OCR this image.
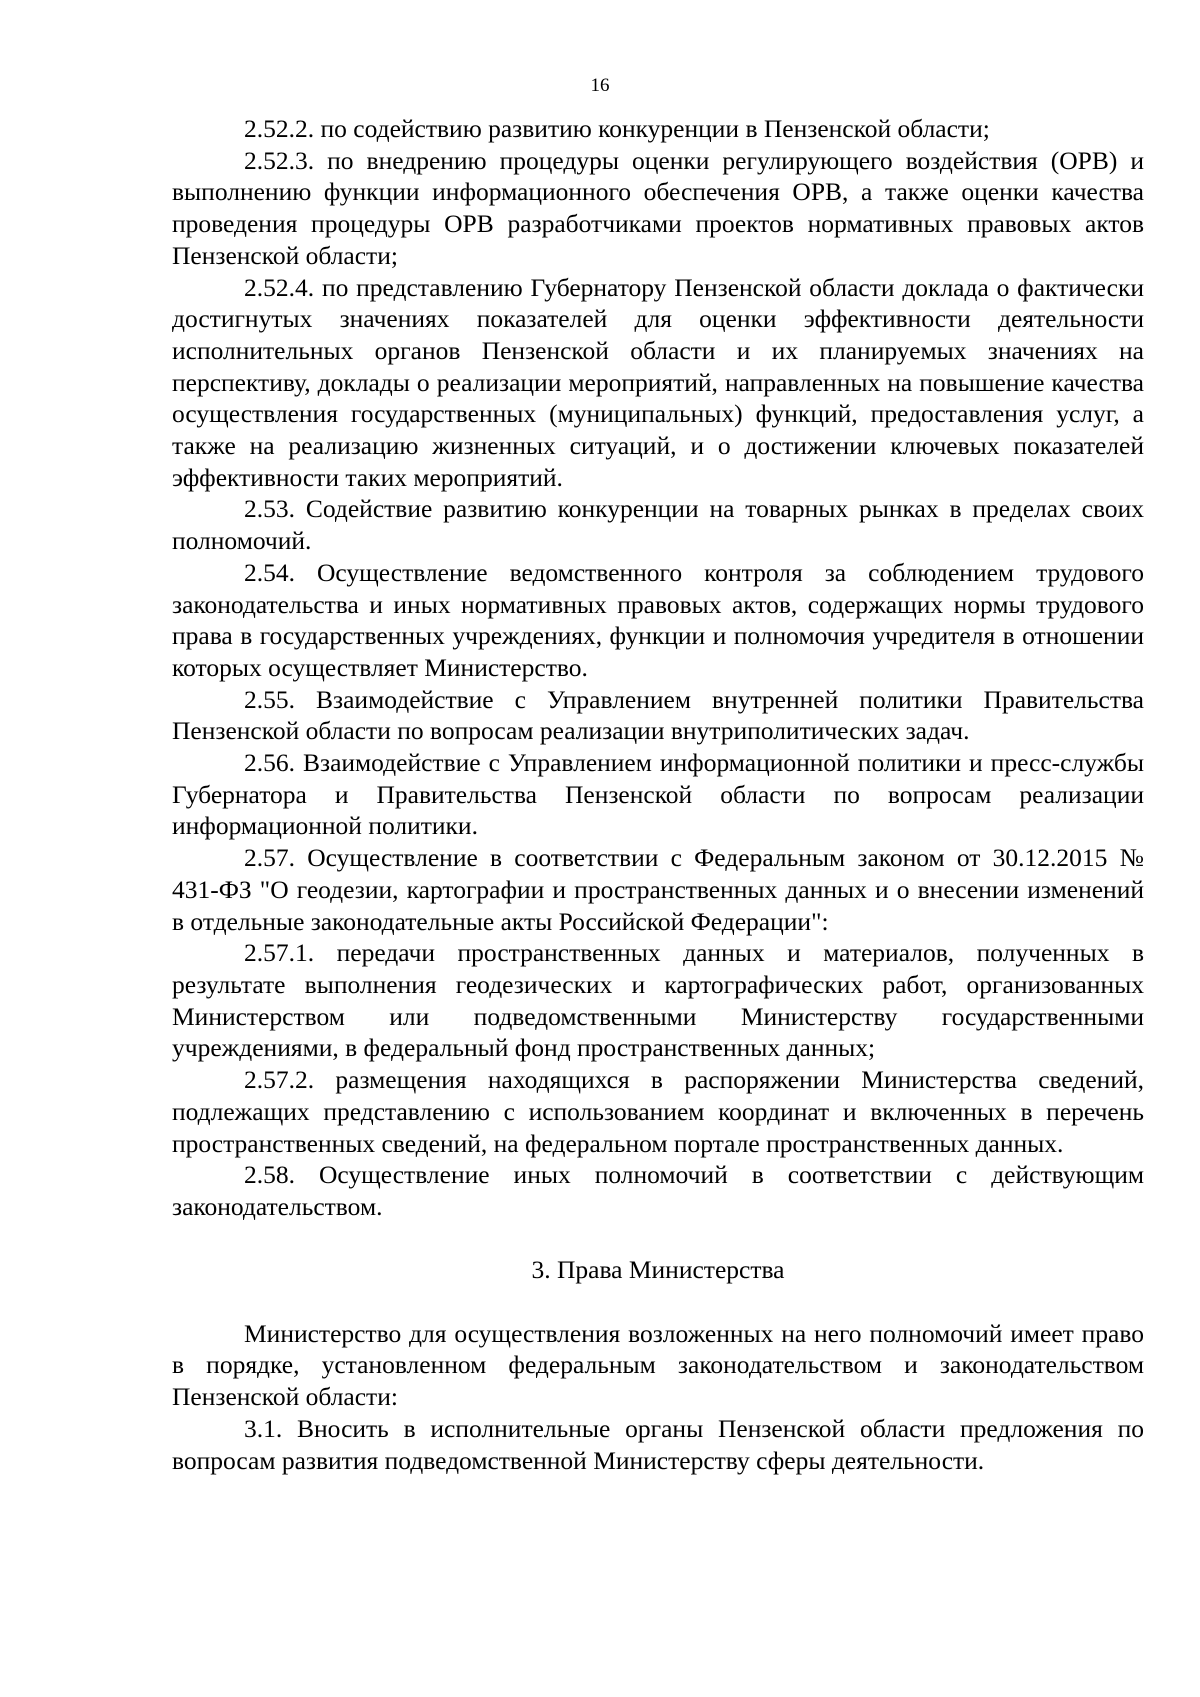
16

2.52.2. по содействию развитию конкуренции в Пензенской области;

2.52.3. по внедрению процедуры оценки регулирующего воздействия (ОРВ) и выполнению функции информационного обеспечения ОРВ, а также оценки качества проведения процедуры ОРВ разработчиками проектов нормативных правовых актов Пензенской области;

2.52.4. по представлению Губернатору Пензенской области доклада о фактически достигнутых значениях показателей для оценки эффективности деятельности исполнительных органов Пензенской области и их планируемых значениях на перспективу, доклады о реализации мероприятий, направленных на повышение качества осуществления государственных (муниципальных) функций, предоставления услуг, а также на реализацию жизненных ситуаций, и о достижении ключевых показателей эффективности таких мероприятий.

2.53. Содействие развитию конкуренции на товарных рынках в пределах своих полномочий.

2.54. Осуществление ведомственного контроля за соблюдением трудового законодательства и иных нормативных правовых актов, содержащих нормы трудового права в государственных учреждениях, функции и полномочия учредителя в отношении которых осуществляет Министерство.

2.55. Взаимодействие с Управлением внутренней политики Правительства Пензенской области по вопросам реализации внутриполитических задач.

2.56. Взаимодействие с Управлением информационной политики и пресс-службы Губернатора и Правительства Пензенской области по вопросам реализации информационной политики.

2.57. Осуществление в соответствии с Федеральным законом от 30.12.2015 № 431-ФЗ "О геодезии, картографии и пространственных данных и о внесении изменений в отдельные законодательные акты Российской Федерации":

2.57.1. передачи пространственных данных и материалов, полученных в результате выполнения геодезических и картографических работ, организованных Министерством или подведомственными Министерству государственными учреждениями, в федеральный фонд пространственных данных;

2.57.2. размещения находящихся в распоряжении Министерства сведений, подлежащих представлению с использованием координат и включенных в перечень пространственных сведений, на федеральном портале пространственных данных.

2.58. Осуществление иных полномочий в соответствии с действующим законодательством.

3. Права Министерства

Министерство для осуществления возложенных на него полномочий имеет право в порядке, установленном федеральным законодательством и законодательством Пензенской области:

3.1. Вносить в исполнительные органы Пензенской области предложения по вопросам развития подведомственной Министерству сферы деятельности.
